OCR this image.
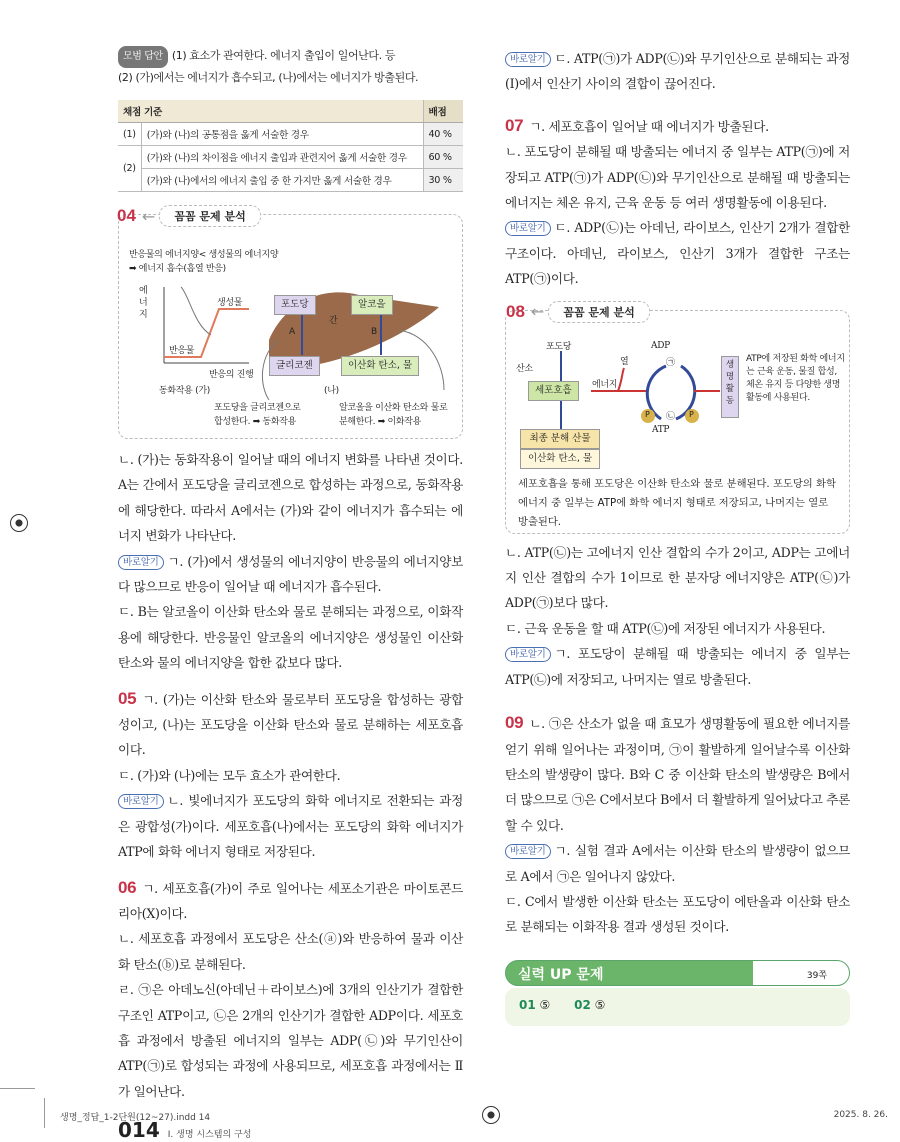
모범 답안 (1) 효소가 관여한다. 에너지 출입이 일어난다. 등
(2) (가)에서는 에너지가 흡수되고, (나)에서는 에너지가 방출된다.
채점 기준		배점
(1)	(가)와 (나)의 공통점을 옳게 서술한 경우	40 %
(2)	(가)와 (나)의 차이점을 에너지 출입과 관련지어 옳게 서술한 경우	60 %
	(가)와 (나)에서의 에너지 출입 중 한 가지만 옳게 서술한 경우	30 %
04 ←	꼼꼼 문제 분석
반응물의 에너지양< 생성물의 에너지양
➡ 에너지 흡수(흡열 반응)
에너지
생성물
반응물
반응의 진행
동화작용 (가)	(나)
포도당	알코올
간
A	B
글리코젠	이산화 탄소, 물
포도당을 글리코젠으로
합성한다. ➡ 동화작용
알코올을 이산화 탄소와 물로
분해한다. ➡ 이화작용

ㄴ. (가)는 동화작용이 일어날 때의 에너지 변화를 나타낸 것이다. A는 간에서 포도당을 글리코젠으로 합성하는 과정으로, 동화작용에 해당한다. 따라서 A에서는 (가)와 같이 에너지가 흡수되는 에너지 변화가 나타난다.

바로알기 ㄱ. (가)에서 생성물의 에너지양이 반응물의 에너지양보다 많으므로 반응이 일어날 때 에너지가 흡수된다.

ㄷ. B는 알코올이 이산화 탄소와 물로 분해되는 과정으로, 이화작용에 해당한다. 반응물인 알코올의 에너지양은 생성물인 이산화 탄소와 물의 에너지양을 합한 값보다 많다.

05 ㄱ. (가)는 이산화 탄소와 물로부터 포도당을 합성하는 광합성이고, (나)는 포도당을 이산화 탄소와 물로 분해하는 세포호흡이다.

ㄷ. (가)와 (나)에는 모두 효소가 관여한다.

바로알기 ㄴ. 빛에너지가 포도당의 화학 에너지로 전환되는 과정은 광합성(가)이다. 세포호흡(나)에서는 포도당의 화학 에너지가 ATP에 화학 에너지 형태로 저장된다.

06 ㄱ. 세포호흡(가)이 주로 일어나는 세포소기관은 마이토콘드리아(X)이다.

ㄴ. 세포호흡 과정에서 포도당은 산소(ⓐ)와 반응하여 물과 이산화 탄소(ⓑ)로 분해된다.

ㄹ. ㉠은 아데노신(아데닌＋라이보스)에 3개의 인산기가 결합한 구조인 ATP이고, ㉡은 2개의 인산기가 결합한 ADP이다. 세포호흡 과정에서 방출된 에너지의 일부는 ADP(㉡)와 무기인산이 ATP(㉠)로 합성되는 과정에 사용되므로, 세포호흡 과정에서는 Ⅱ가 일어난다.

014 Ⅰ. 생명 시스템의 구성

바로알기 ㄷ. ATP(㉠)가 ADP(㉡)와 무기인산으로 분해되는 과정(Ⅰ)에서 인산기 사이의 결합이 끊어진다.

07 ㄱ. 세포호흡이 일어날 때 에너지가 방출된다.

ㄴ. 포도당이 분해될 때 방출되는 에너지 중 일부는 ATP(㉠)에 저장되고 ATP(㉠)가 ADP(㉡)와 무기인산으로 분해될 때 방출되는 에너지는 체온 유지, 근육 운동 등 여러 생명활동에 이용된다.

바로알기 ㄷ. ADP(㉡)는 아데닌, 라이보스, 인산기 2개가 결합한 구조이다. 아데닌, 라이보스, 인산기 3개가 결합한 구조는 ATP(㉠)이다.

08 ←	꼼꼼 문제 분석
포도당
산소
세포호흡	에너지
열
ADP
㉠
㉡
ATP
P	P
생명활동
ATP에 저장된 화학 에너지는 근육 운동, 물질 합성, 체온 유지 등 다양한 생명활동에 사용된다.
최종 분해 산물
이산화 탄소, 물
세포호흡을 통해 포도당은 이산화 탄소와 물로 분해된다. 포도당의 화학 에너지 중 일부는 ATP에 화학 에너지 형태로 저장되고, 나머지는 열로 방출된다.

ㄴ. ATP(㉡)는 고에너지 인산 결합의 수가 2이고, ADP는 고에너지 인산 결합의 수가 1이므로 한 분자당 에너지양은 ATP(㉡)가 ADP(㉠)보다 많다.

ㄷ. 근육 운동을 할 때 ATP(㉡)에 저장된 에너지가 사용된다.

바로알기 ㄱ. 포도당이 분해될 때 방출되는 에너지 중 일부는 ATP(㉡)에 저장되고, 나머지는 열로 방출된다.

09 ㄴ. ㉠은 산소가 없을 때 효모가 생명활동에 필요한 에너지를 얻기 위해 일어나는 과정이며, ㉠이 활발하게 일어날수록 이산화 탄소의 발생량이 많다. B와 C 중 이산화 탄소의 발생량은 B에서 더 많으므로 ㉠은 C에서보다 B에서 더 활발하게 일어났다고 추론할 수 있다.

바로알기 ㄱ. 실험 결과 A에서는 이산화 탄소의 발생량이 없으므로 A에서 ㉠은 일어나지 않았다.

ㄷ. C에서 발생한 이산화 탄소는 포도당이 에탄올과 이산화 탄소로 분해되는 이화작용 결과 생성된 것이다.

실력 UP 문제	39쪽
01 ⑤ 02 ⑤
생명_정답_1-2단원(12~27).indd 14	2025. 8. 26.
